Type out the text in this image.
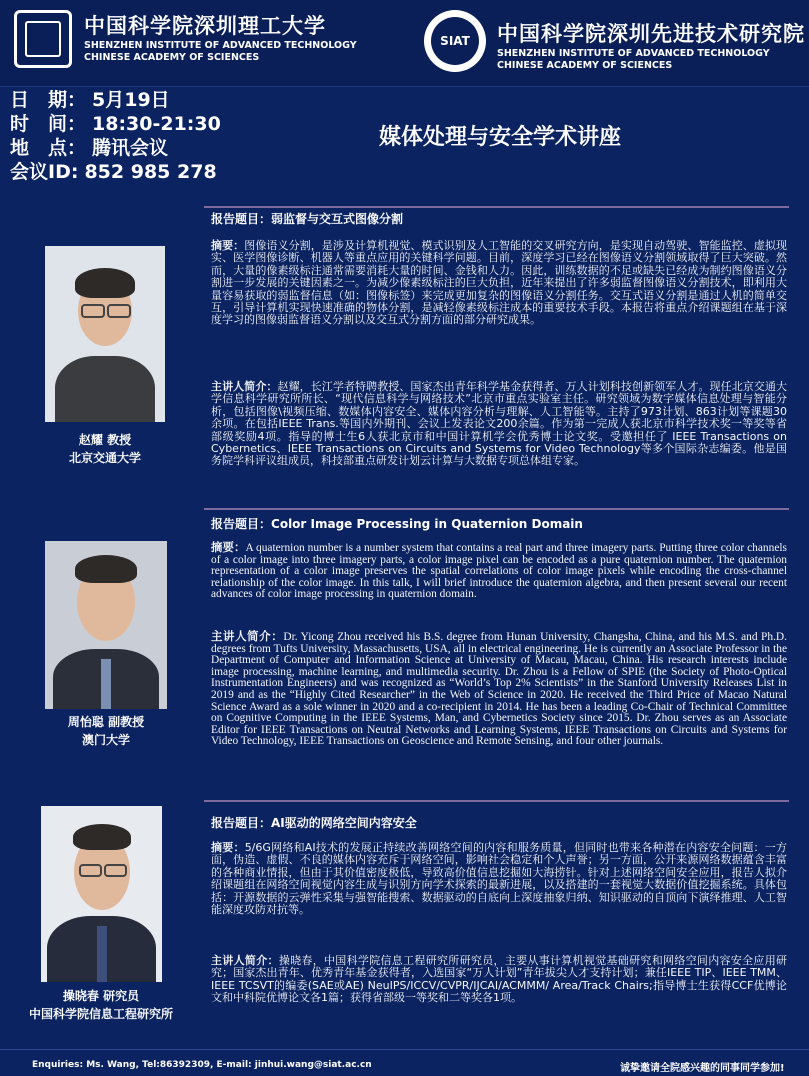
中国科学院深圳理工大学
SHENZHEN INSTITUTE OF ADVANCED TECHNOLOGY
CHINESE ACADEMY OF SCIENCES
SIAT	中国科学院深圳先进技术研究院
SHENZHEN INSTITUTE OF ADVANCED TECHNOLOGY
CHINESE ACADEMY OF SCIENCES
日　期： 5月19日
时　间： 18:30-21:30
地　点： 腾讯会议
会议ID: 852 985 278
媒体处理与安全学术讲座
报告题目：弱监督与交互式图像分割
赵耀 教授
北京交通大学
摘要：图像语义分割，是涉及计算机视觉、模式识别及人工智能的交叉研究方向，是实现自动驾驶、智能监控、虚拟现实、医学图像诊断、机器人等重点应用的关键科学问题。目前，深度学习已经在图像语义分割领域取得了巨大突破。然而，大量的像素级标注通常需要消耗大量的时间、金钱和人力。因此，训练数据的不足或缺失已经成为制约图像语义分割进一步发展的关键因素之一。为减少像素级标注的巨大负担，近年来提出了许多弱监督图像语义分割技术，即利用大量容易获取的弱监督信息（如：图像标签）来完成更加复杂的图像语义分割任务。交互式语义分割是通过人机的简单交互，引导计算机实现快速准确的物体分割，是减轻像素级标注成本的重要技术手段。本报告将重点介绍课题组在基于深度学习的图像弱监督语义分割以及交互式分割方面的部分研究成果。
主讲人简介：赵耀，长江学者特聘教授、国家杰出青年科学基金获得者、万人计划科技创新领军人才。现任北京交通大学信息科学研究所所长、“现代信息科学与网络技术”北京市重点实验室主任。研究领域为数字媒体信息处理与智能分析，包括图像\视频压缩、数媒体内容安全、媒体内容分析与理解、人工智能等。主持了973计划、863计划等课题30余项。在包括IEEE Trans.等国内外期刊、会议上发表论文200余篇。作为第一完成人获北京市科学技术奖一等奖等省部级奖励4项。指导的博士生6人获北京市和中国计算机学会优秀博士论文奖。受邀担任了 IEEE Transactions on Cybernetics、IEEE Transactions on Circuits and Systems for Video Technology等多个国际杂志编委。他是国务院学科评议组成员，科技部重点研发计划云计算与大数据专项总体组专家。
报告题目：Color Image Processing in Quaternion Domain
周怡聪 副教授
澳门大学
摘要：A quaternion number is a number system that contains a real part and three imagery parts. Putting three color channels of a color image into three imagery parts, a color image pixel can be encoded as a pure quaternion number. The quaternion representation of a color image preserves the spatial correlations of color image pixels while encoding the cross-channel relationship of the color image. In this talk, I will brief introduce the quaternion algebra, and then present several our recent advances of color image processing in quaternion domain.
主讲人简介：Dr. Yicong Zhou received his B.S. degree from Hunan University, Changsha, China, and his M.S. and Ph.D. degrees from Tufts University, Massachusetts, USA, all in electrical engineering. He is currently an Associate Professor in the Department of Computer and Information Science at University of Macau, Macau, China. His research interests include image processing, machine learning, and multimedia security. Dr. Zhou is a Fellow of SPIE (the Society of Photo-Optical Instrumentation Engineers) and was recognized as “World’s Top 2% Scientists” in the Stanford University Releases List in 2019 and as the “Highly Cited Researcher” in the Web of Science in 2020. He received the Third Price of Macao Natural Science Award as a sole winner in 2020 and a co-recipient in 2014. He has been a leading Co-Chair of Technical Committee on Cognitive Computing in the IEEE Systems, Man, and Cybernetics Society since 2015. Dr. Zhou serves as an Associate Editor for IEEE Transactions on Neutral Networks and Learning Systems, IEEE Transactions on Circuits and Systems for Video Technology, IEEE Transactions on Geoscience and Remote Sensing, and four other journals.
报告题目：AI驱动的网络空间内容安全
操晓春 研究员
中国科学院信息工程研究所
摘要：5/6G网络和AI技术的发展正持续改善网络空间的内容和服务质量，但同时也带来各种潜在内容安全问题：一方面，伪造、虚假、不良的媒体内容充斥于网络空间，影响社会稳定和个人声誉；另一方面，公开来源网络数据蕴含丰富的各种商业情报，但由于其价值密度极低，导致高价值信息挖掘如大海捞针。针对上述网络空间安全应用，报告人拟介绍课题组在网络空间视觉内容生成与识别方向学术探索的最新进展，以及搭建的一套视觉大数据价值挖掘系统。具体包括：开源数据的云弹性采集与强智能搜索、数据驱动的自底向上深度抽象归纳、知识驱动的自顶向下演绎推理、人工智能深度攻防对抗等。
主讲人简介：操晓春，中国科学院信息工程研究所研究员，主要从事计算机视觉基础研究和网络空间内容安全应用研究；国家杰出青年、优秀青年基金获得者，入选国家“万人计划”青年拔尖人才支持计划；兼任IEEE TIP、IEEE TMM、IEEE TCSVT的编委(SAE或AE) NeuIPS/ICCV/CVPR/IJCAI/ACMMM/ Area/Track Chairs;指导博士生获得CCF优博论文和中科院优博论文各1篇；获得省部级一等奖和二等奖各1项。
Enquiries: Ms. Wang, Tel:86392309, E-mail: jinhui.wang@siat.ac.cn	诚挚邀请全院感兴趣的同事同学参加!
